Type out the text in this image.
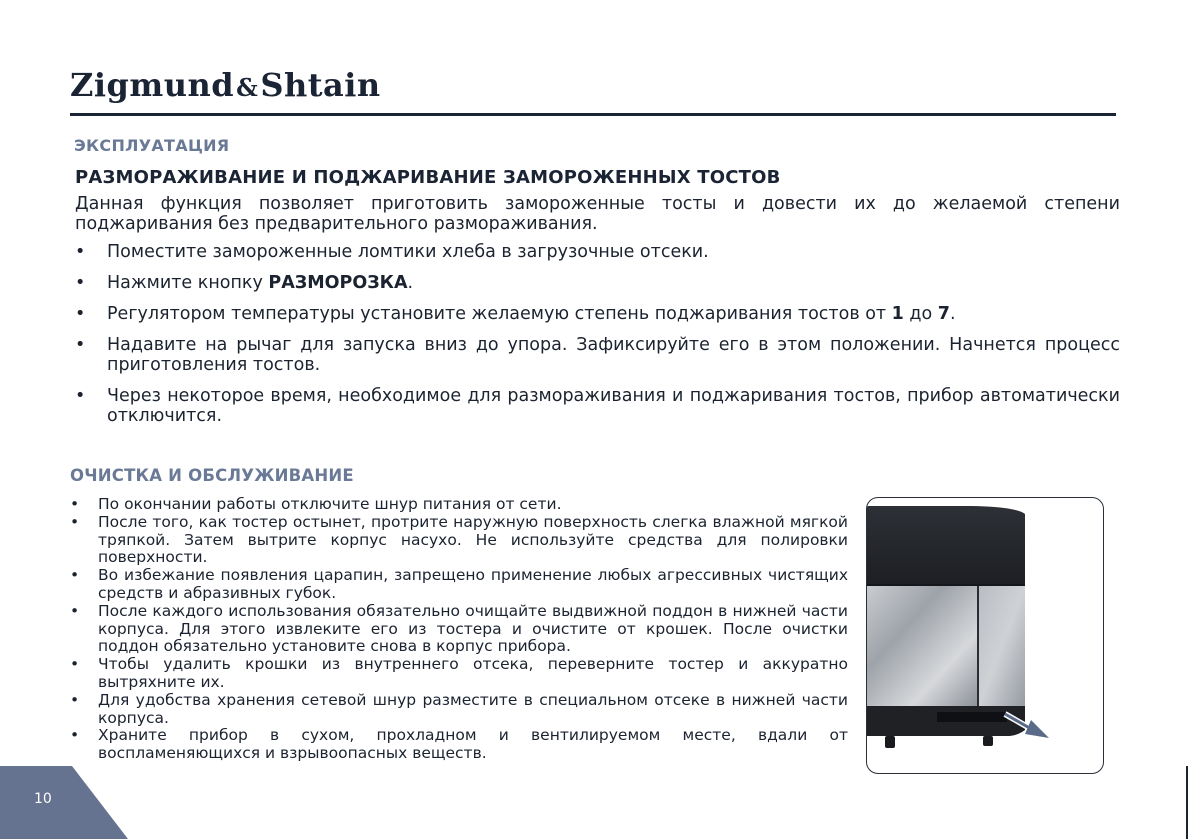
Zigmund&Shtain
ЭКСПЛУАТАЦИЯ
РАЗМОРАЖИВАНИЕ И ПОДЖАРИВАНИЕ ЗАМОРОЖЕННЫХ ТОСТОВ
Данная функция позволяет приготовить замороженные тосты и довести их до желаемой степени поджаривания без предварительного размораживания.
• Поместите замороженные ломтики хлеба в загрузочные отсеки.
• Нажмите кнопку РАЗМОРОЗКА.
• Регулятором температуры установите желаемую степень поджаривания тостов от 1 до 7.
• Надавите на рычаг для запуска вниз до упора. Зафиксируйте его в этом положении. Начнется процесс приготовления тостов.
• Через некоторое время, необходимое для размораживания и поджаривания тостов, прибор автоматически отключится.
ОЧИСТКА И ОБСЛУЖИВАНИЕ
• По окончании работы отключите шнур питания от сети.
• После того, как тостер остынет, протрите наружную поверхность слегка влажной мягкой тряпкой. Затем вытрите корпус насухо. Не используйте средства для полировки поверхности.
• Во избежание появления царапин, запрещено применение любых агрессивных чистящих средств и абразивных губок.
• После каждого использования обязательно очищайте выдвижной поддон в нижней части корпуса. Для этого извлеките его из тостера и очистите от крошек. После очистки поддон обязательно установите снова в корпус прибора.
• Чтобы удалить крошки из внутреннего отсека, переверните тостер и аккуратно вытряхните их.
• Для удобства хранения сетевой шнур разместите в специальном отсеке в нижней части корпуса.
• Храните прибор в сухом, прохладном и вентилируемом месте, вдали от воспламеняющихся и взрывоопасных веществ.
10
